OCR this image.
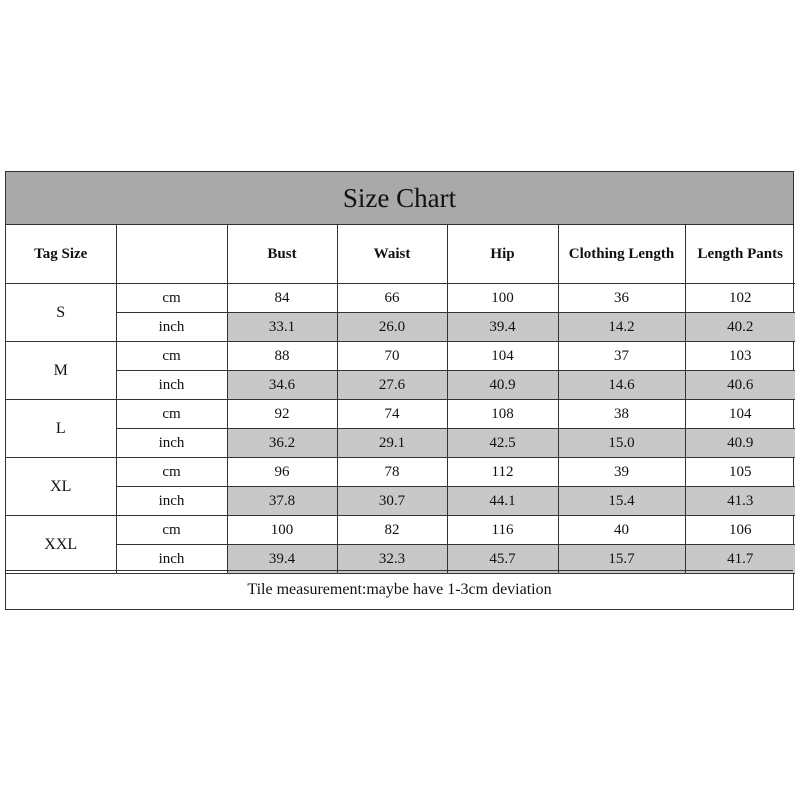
Size Chart
Tag Size		Bust	Waist	Hip	Clothing Length	Length Pants
S	cm	84	66	100	36	102
	inch	33.1	26.0	39.4	14.2	40.2
M	cm	88	70	104	37	103
	inch	34.6	27.6	40.9	14.6	40.6
L	cm	92	74	108	38	104
	inch	36.2	29.1	42.5	15.0	40.9
XL	cm	96	78	112	39	105
	inch	37.8	30.7	44.1	15.4	41.3
XXL	cm	100	82	116	40	106
	inch	39.4	32.3	45.7	15.7	41.7
Tile measurement:maybe have 1-3cm deviation
